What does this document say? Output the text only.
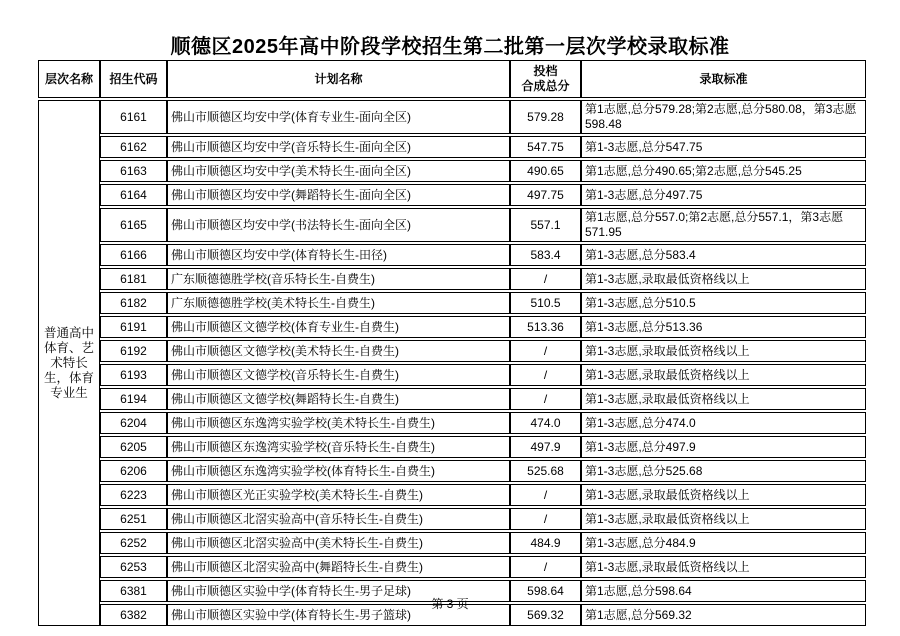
顺德区2025年高中阶段学校招生第二批第一层次学校录取标准
层次名称	招生代码	计划名称	投档
合成总分	录取标准
普通高中体育、艺术特长生，体育专业生	6161	佛山市顺德区均安中学(体育专业生-面向全区)	579.28	第1志愿,总分579.28;第2志愿,总分580.08，第3志愿598.48
	6162	佛山市顺德区均安中学(音乐特长生-面向全区)	547.75	第1-3志愿,总分547.75
	6163	佛山市顺德区均安中学(美术特长生-面向全区)	490.65	第1志愿,总分490.65;第2志愿,总分545.25
	6164	佛山市顺德区均安中学(舞蹈特长生-面向全区)	497.75	第1-3志愿,总分497.75
	6165	佛山市顺德区均安中学(书法特长生-面向全区)	557.1	第1志愿,总分557.0;第2志愿,总分557.1，第3志愿571.95
	6166	佛山市顺德区均安中学(体育特长生-田径)	583.4	第1-3志愿,总分583.4
	6181	广东顺德德胜学校(音乐特长生-自费生)	/	第1-3志愿,录取最低资格线以上
	6182	广东顺德德胜学校(美术特长生-自费生)	510.5	第1-3志愿,总分510.5
	6191	佛山市顺德区文德学校(体育专业生-自费生)	513.36	第1-3志愿,总分513.36
	6192	佛山市顺德区文德学校(美术特长生-自费生)	/	第1-3志愿,录取最低资格线以上
	6193	佛山市顺德区文德学校(音乐特长生-自费生)	/	第1-3志愿,录取最低资格线以上
	6194	佛山市顺德区文德学校(舞蹈特长生-自费生)	/	第1-3志愿,录取最低资格线以上
	6204	佛山市顺德区东逸湾实验学校(美术特长生-自费生)	474.0	第1-3志愿,总分474.0
	6205	佛山市顺德区东逸湾实验学校(音乐特长生-自费生)	497.9	第1-3志愿,总分497.9
	6206	佛山市顺德区东逸湾实验学校(体育特长生-自费生)	525.68	第1-3志愿,总分525.68
	6223	佛山市顺德区光正实验学校(美术特长生-自费生)	/	第1-3志愿,录取最低资格线以上
	6251	佛山市顺德区北滘实验高中(音乐特长生-自费生)	/	第1-3志愿,录取最低资格线以上
	6252	佛山市顺德区北滘实验高中(美术特长生-自费生)	484.9	第1-3志愿,总分484.9
	6253	佛山市顺德区北滘实验高中(舞蹈特长生-自费生)	/	第1-3志愿,录取最低资格线以上
	6381	佛山市顺德区实验中学(体育特长生-男子足球)	598.64	第1志愿,总分598.64
	6382	佛山市顺德区实验中学(体育特长生-男子篮球)	569.32	第1志愿,总分569.32
第 3 页
